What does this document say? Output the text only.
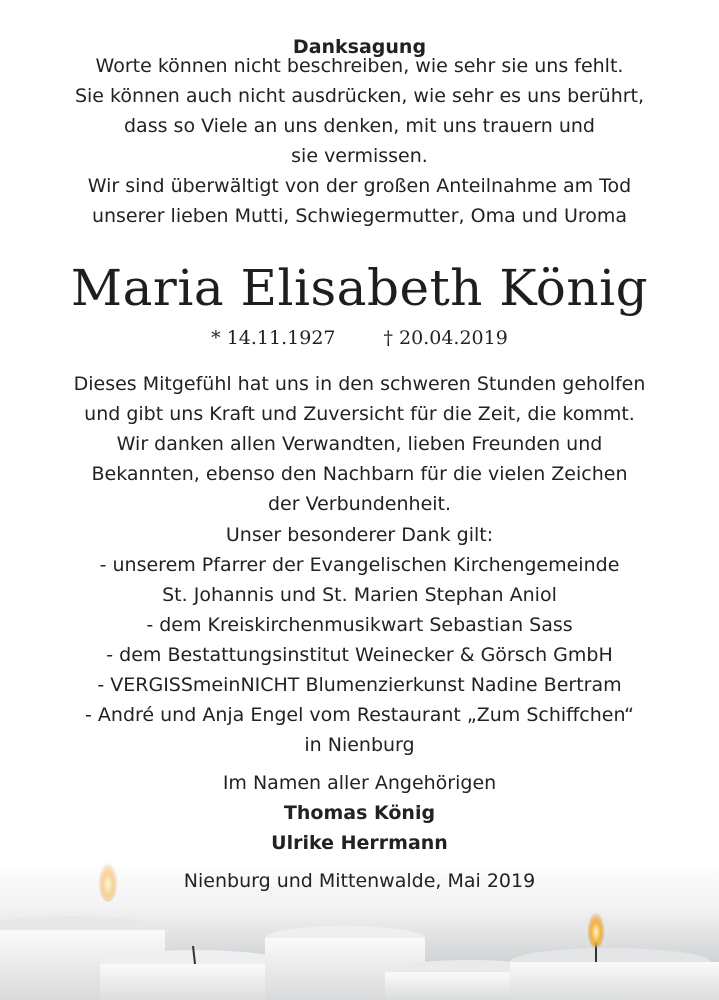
Danksagung
Worte können nicht beschreiben, wie sehr sie uns fehlt.
Sie können auch nicht ausdrücken, wie sehr es uns berührt,
dass so Viele an uns denken, mit uns trauern und
sie vermissen.
Wir sind überwältigt von der großen Anteilnahme am Tod
unserer lieben Mutti, Schwiegermutter, Oma und Uroma
Maria Elisabeth König
* 14.11.1927	† 20.04.2019
Dieses Mitgefühl hat uns in den schweren Stunden geholfen
und gibt uns Kraft und Zuversicht für die Zeit, die kommt.
Wir danken allen Verwandten, lieben Freunden und
Bekannten, ebenso den Nachbarn für die vielen Zeichen
der Verbundenheit.
Unser besonderer Dank gilt:
- unserem Pfarrer der Evangelischen Kirchengemeinde
St. Johannis und St. Marien Stephan Aniol
- dem Kreiskirchenmusikwart Sebastian Sass
- dem Bestattungsinstitut Weinecker & Görsch GmbH
- VERGISSmeinNICHT Blumenzierkunst Nadine Bertram
- André und Anja Engel vom Restaurant „Zum Schiffchen“
in Nienburg
Im Namen aller Angehörigen
Thomas König
Ulrike Herrmann
Nienburg und Mittenwalde, Mai 2019
